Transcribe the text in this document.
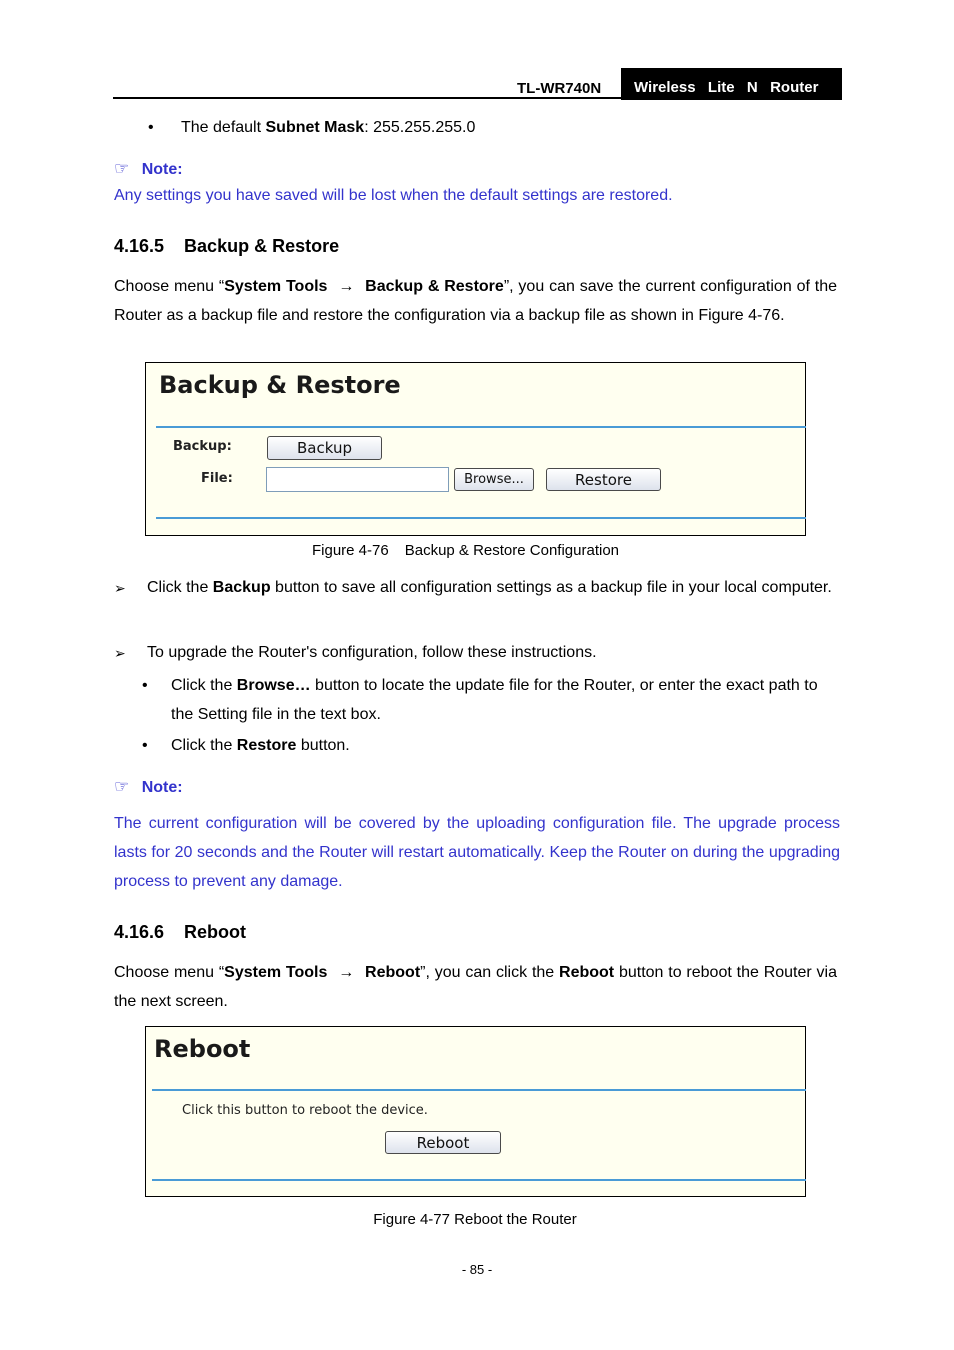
TL-WR740N	Wireless  Lite  N  Router
• The default Subnet Mask: 255.255.255.0
☞ Note:
Any settings you have saved will be lost when the default settings are restored.
4.16.5 Backup & Restore
Choose menu “System Tools → Backup & Restore”, you can save the current configuration of the Router as a backup file and restore the configuration via a backup file as shown in Figure 4-76.
Backup & Restore
Backup:	Backup
File:	Browse...	Restore
Figure 4-76 Backup & Restore Configuration
➢ Click the Backup button to save all configuration settings as a backup file in your local computer.
➢ To upgrade the Router's configuration, follow these instructions.
• Click the Browse… button to locate the update file for the Router, or enter the exact path to the Setting file in the text box.
• Click the Restore button.
☞ Note:
The current configuration will be covered by the uploading configuration file. The upgrade process lasts for 20 seconds and the Router will restart automatically. Keep the Router on during the upgrading process to prevent any damage.
4.16.6 Reboot
Choose menu “System Tools → Reboot”, you can click the Reboot button to reboot the Router via the next screen.
Reboot
Click this button to reboot the device.
Reboot
Figure 4-77 Reboot the Router
- 85 -
